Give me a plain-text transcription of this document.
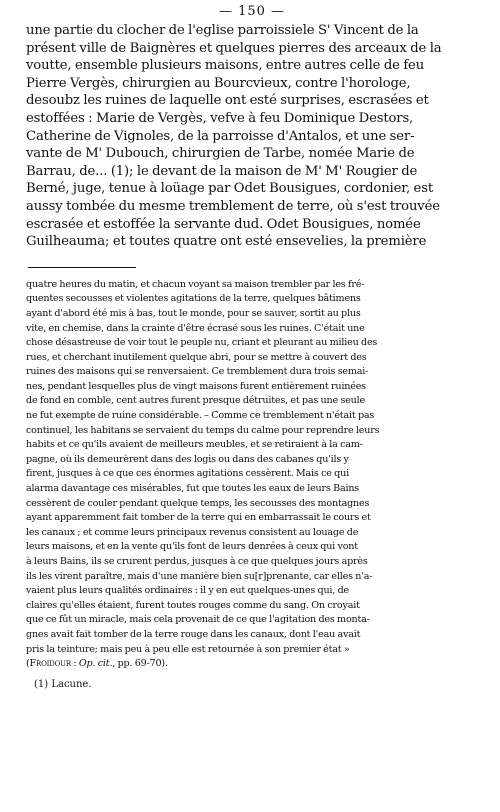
— 150 —
une partie du clocher de l'eglise parroissiele S' Vincent de la
présent ville de Baignères et quelques pierres des arceaux de la
voutte, ensemble plusieurs maisons, entre autres celle de feu
Pierre Vergès, chirurgien au Bourcvieux, contre l'horologe,
desoubz les ruines de laquelle ont esté surprises, escrasées et
estoffées : Marie de Vergès, vefve à feu Dominique Destors,
Catherine de Vignoles, de la parroisse d'Antalos, et une ser-
vante de M' Dubouch, chirurgien de Tarbe, nomée Marie de
Barrau, de... (1); le devant de la maison de M' M' Rougier de
Berné, juge, tenue à loüage par Odet Bousigues, cordonier, est
aussy tombée du mesme tremblement de terre, où s'est trouvée
escrasée et estoffée la servante dud. Odet Bousigues, nomée
Guilheauma; et toutes quatre ont esté ensevelies, la première
quatre heures du matin, et chacun voyant sa maison trembler par les fré-
quentes secousses et violentes agitations de la terre, quelques bâtimens
ayant d'abord été mis à bas, tout le monde, pour se sauver, sortit au plus
vite, en chemise, dans la crainte d'être écrasé sous les ruines. C'était une
chose désastreuse de voir tout le peuple nu, criant et pleurant au milieu des
rues, et cherchant inutilement quelque abri, pour se mettre à couvert des
ruines des maisons qui se renversaient. Ce tremblement dura trois semai-
nes, pendant lesquelles plus de vingt maisons furent entièrement ruinées
de fond en comble, cent autres furent presque détruites, et pas une seule
ne fut exempte de ruine considérable. – Comme ce tremblement n'était pas
continuel, les habitans se servaient du temps du calme pour reprendre leurs
habits et ce qu'ils avaient de meilleurs meubles, et se retiraient à la cam-
pagne, où ils demeurèrent dans des logis ou dans des cabanes qu'ils y
firent, jusques à ce que ces énormes agitations cessèrent. Mais ce qui
alarma davantage ces misérables, fut que toutes les eaux de leurs Bains
cessèrent de couler pendant quelque temps, les secousses des montagnes
ayant apparemment fait tomber de la terre qui en embarrassait le cours et
les canaux ; et comme leurs principaux revenus consistent au louage de
leurs maisons, et en la vente qu'ils font de leurs denrées à ceux qui vont
à leurs Bains, ils se crurent perdus, jusques à ce que quelques jours après
ils les virent paraître, mais d'une manière bien su[r]prenante, car elles n'a-
vaient plus leurs qualités ordinaires : il y en eut quelques-unes qui, de
claires qu'elles étaient, furent toutes rouges comme du sang. On croyait
que ce fût un miracle, mais cela provenait de ce que l'agitation des monta-
gnes avait fait tomber de la terre rouge dans les canaux, dont l'eau avait
pris la teinture; mais peu à peu elle est retournée à son premier état »
(Froidour : Op. cit., pp. 69-70).
(1) Lacune.
